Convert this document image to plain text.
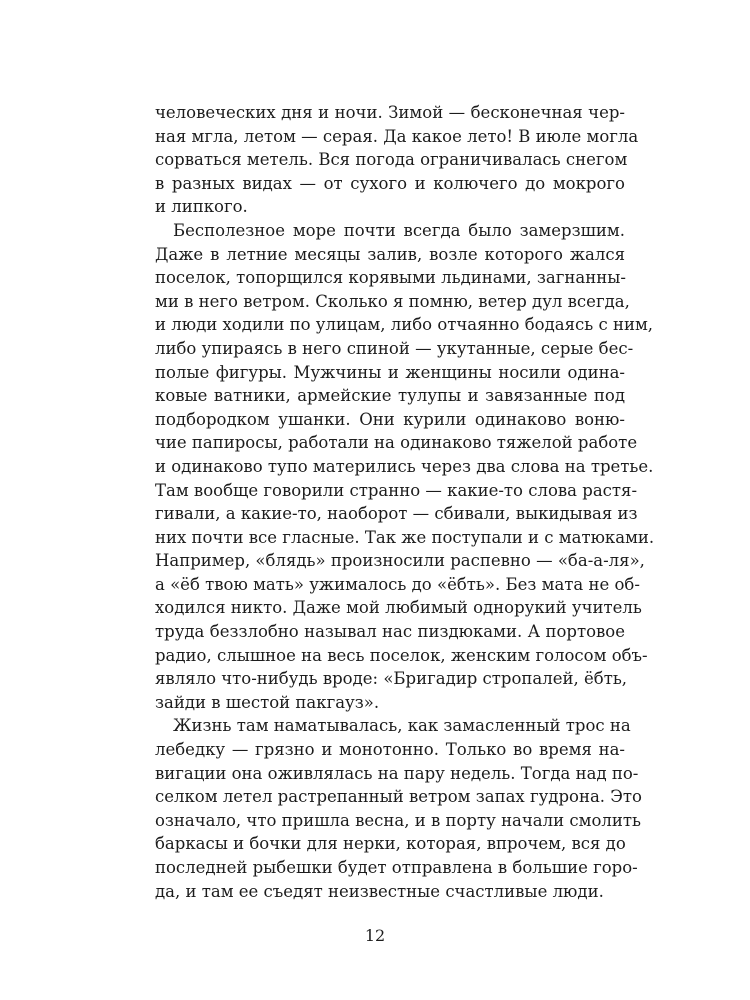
человеческих дня и ночи. Зимой — бесконечная чер-
ная мгла, летом — серая. Да какое лето! В июле могла
сорваться метель. Вся погода ограничивалась снегом
в разных видах — от сухого и колючего до мокрого
и липкого.
Бесполезное море почти всегда было замерзшим.
Даже в летние месяцы залив, возле которого жался
поселок, топорщился корявыми льдинами, загнанны-
ми в него ветром. Сколько я помню, ветер дул всегда,
и люди ходили по улицам, либо отчаянно бодаясь с ним,
либо упираясь в него спиной — укутанные, серые бес-
полые фигуры. Мужчины и женщины носили одина-
ковые ватники, армейские тулупы и завязанные под
подбородком ушанки. Они курили одинаково воню-
чие папиросы, работали на одинаково тяжелой работе
и одинаково тупо матерились через два слова на третье.
Там вообще говорили странно — какие-то слова растя-
гивали, а какие-то, наоборот — сбивали, выкидывая из
них почти все гласные. Так же поступали и с матюками.
Например, «блядь» произносили распевно — «ба-а-ля»,
а «ёб твою мать» ужималось до «ёбть». Без мата не об-
ходился никто. Даже мой любимый однорукий учитель
труда беззлобно называл нас пиздюками. А портовое
радио, слышное на весь поселок, женским голосом объ-
являло что-нибудь вроде: «Бригадир стропалей, ёбть,
зайди в шестой пакгауз».
Жизнь там наматывалась, как замасленный трос на
лебедку — грязно и монотонно. Только во время на-
вигации она оживлялась на пару недель. Тогда над по-
селком летел растрепанный ветром запах гудрона. Это
означало, что пришла весна, и в порту начали смолить
баркасы и бочки для нерки, которая, впрочем, вся до
последней рыбешки будет отправлена в большие горо-
да, и там ее съедят неизвестные счастливые люди.
12
